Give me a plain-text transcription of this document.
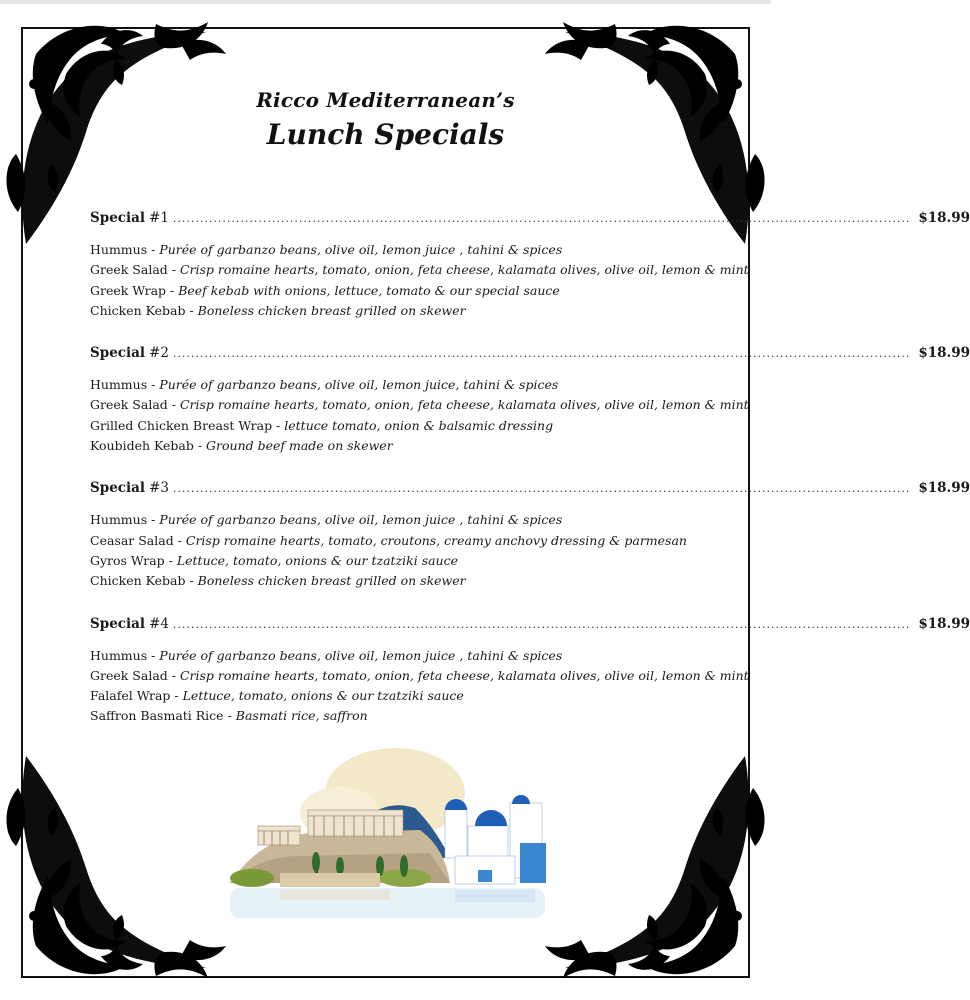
Ricco Mediterranean’s
Lunch Specials
Special #1 .................................................................................................................................................................... $18.99
Hummus - Purée of garbanzo beans, olive oil, lemon juice , tahini & spices
Greek Salad - Crisp romaine hearts, tomato, onion, feta cheese, kalamata olives, olive oil, lemon & mint
Greek Wrap - Beef kebab with onions, lettuce, tomato & our special sauce
Chicken Kebab - Boneless chicken breast grilled on skewer
Special #2 .................................................................................................................................................................... $18.99
Hummus - Purée of garbanzo beans, olive oil, lemon juice, tahini & spices
Greek Salad - Crisp romaine hearts, tomato, onion, feta cheese, kalamata olives, olive oil, lemon & mint
Grilled Chicken Breast Wrap - lettuce tomato, onion & balsamic dressing
Koubideh Kebab - Ground beef made on skewer
Special #3 .................................................................................................................................................................... $18.99
Hummus - Purée of garbanzo beans, olive oil, lemon juice , tahini & spices
Ceasar Salad - Crisp romaine hearts, tomato, croutons, creamy anchovy dressing & parmesan
Gyros Wrap - Lettuce, tomato, onions & our tzatziki sauce
Chicken Kebab - Boneless chicken breast grilled on skewer
Special #4 .................................................................................................................................................................... $18.99
Hummus - Purée of garbanzo beans, olive oil, lemon juice , tahini & spices
Greek Salad - Crisp romaine hearts, tomato, onion, feta cheese, kalamata olives, olive oil, lemon & mint
Falafel Wrap - Lettuce, tomato, onions & our tzatziki sauce
Saffron Basmati Rice - Basmati rice, saffron
